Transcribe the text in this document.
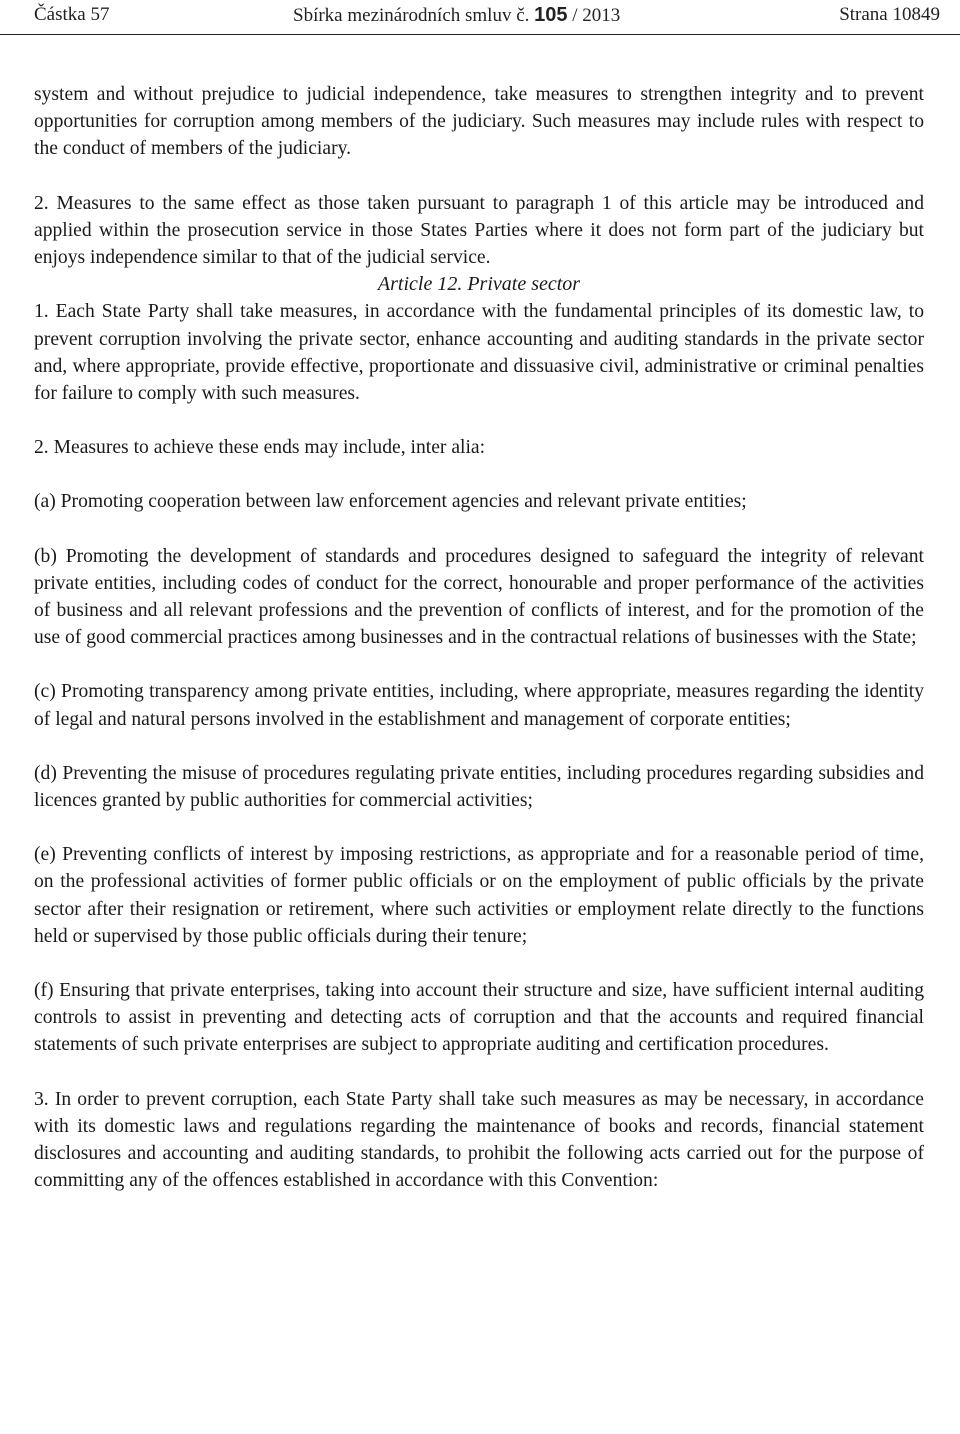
Částka 57	Sbírka mezinárodních smluv č. 105 / 2013	Strana 10849

system and without prejudice to judicial independence, take measures to strengthen integrity and to prevent opportunities for corruption among members of the judiciary. Such measures may include rules with respect to the conduct of members of the judiciary.

2. Measures to the same effect as those taken pursuant to paragraph 1 of this article may be introduced and applied within the prosecution service in those States Parties where it does not form part of the judiciary but enjoys independence similar to that of the judicial service.

Article 12. Private sector

1. Each State Party shall take measures, in accordance with the fundamental principles of its domestic law, to prevent corruption involving the private sector, enhance accounting and auditing standards in the private sector and, where appropriate, provide effective, proportionate and dissuasive civil, administrative or criminal penalties for failure to comply with such measures.

2. Measures to achieve these ends may include, inter alia:

(a) Promoting cooperation between law enforcement agencies and relevant private entities;

(b) Promoting the development of standards and procedures designed to safeguard the integrity of relevant private entities, including codes of conduct for the correct, honourable and proper performance of the activities of business and all relevant professions and the prevention of conflicts of interest, and for the promotion of the use of good commercial practices among businesses and in the contractual relations of businesses with the State;

(c) Promoting transparency among private entities, including, where appropriate, measures regarding the identity of legal and natural persons involved in the establishment and management of corporate entities;

(d) Preventing the misuse of procedures regulating private entities, including procedures regarding subsidies and licences granted by public authorities for commercial activities;

(e) Preventing conflicts of interest by imposing restrictions, as appropriate and for a reasonable period of time, on the professional activities of former public officials or on the employment of public officials by the private sector after their resignation or retirement, where such activities or employment relate directly to the functions held or supervised by those public officials during their tenure;

(f) Ensuring that private enterprises, taking into account their structure and size, have sufficient internal auditing controls to assist in preventing and detecting acts of corruption and that the accounts and required financial statements of such private enterprises are subject to appropriate auditing and certification procedures.

3. In order to prevent corruption, each State Party shall take such measures as may be necessary, in accordance with its domestic laws and regulations regarding the maintenance of books and records, financial statement disclosures and accounting and auditing standards, to prohibit the following acts carried out for the purpose of committing any of the offences established in accordance with this Convention:
